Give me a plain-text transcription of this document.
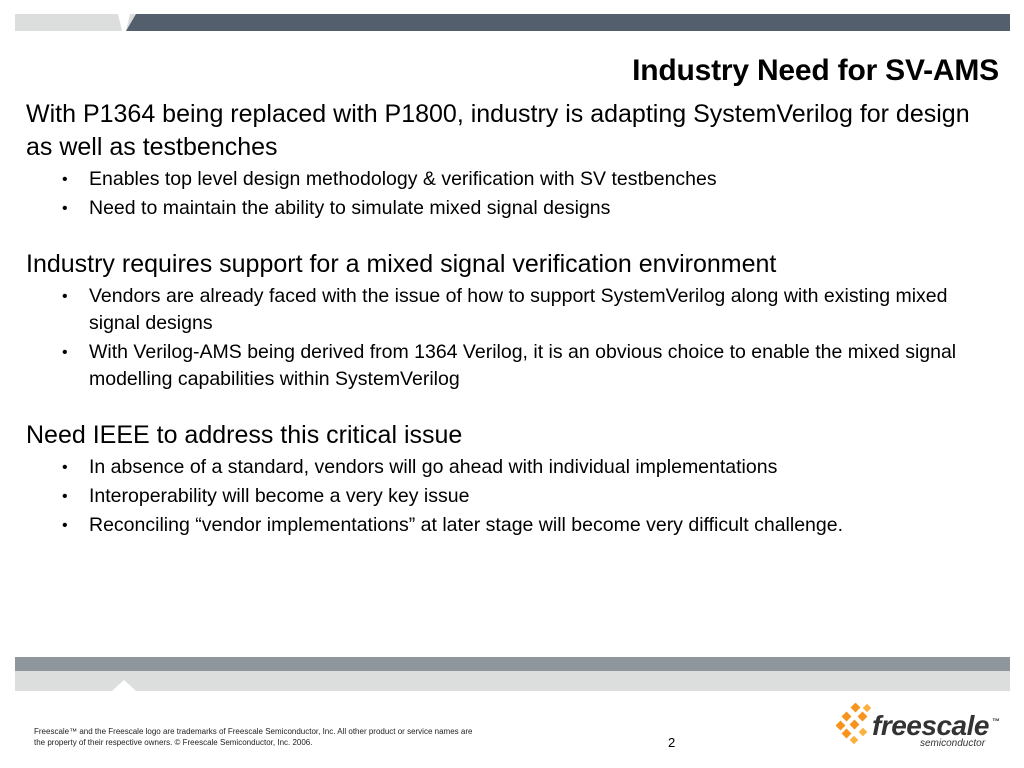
Industry Need for SV-AMS

With P1364 being replaced with P1800, industry is adapting SystemVerilog for design as well as testbenches

• Enables top level design methodology & verification with SV testbenches
• Need to maintain the ability to simulate mixed signal designs

Industry requires support for a mixed signal verification environment

• Vendors are already faced with the issue of how to support SystemVerilog along with existing mixed signal designs
• With Verilog-AMS being derived from 1364 Verilog, it is an obvious choice to enable the mixed signal modelling capabilities within SystemVerilog

Need IEEE to address this critical issue

• In absence of a standard, vendors will go ahead with individual implementations
• Interoperability will become a very key issue
• Reconciling “vendor implementations” at later stage will become very difficult challenge.
Freescale™ and the Freescale logo are trademarks of Freescale Semiconductor, Inc. All other product or service names are
the property of their respective owners. © Freescale Semiconductor, Inc. 2006.	2
freescale ™
semiconductor
